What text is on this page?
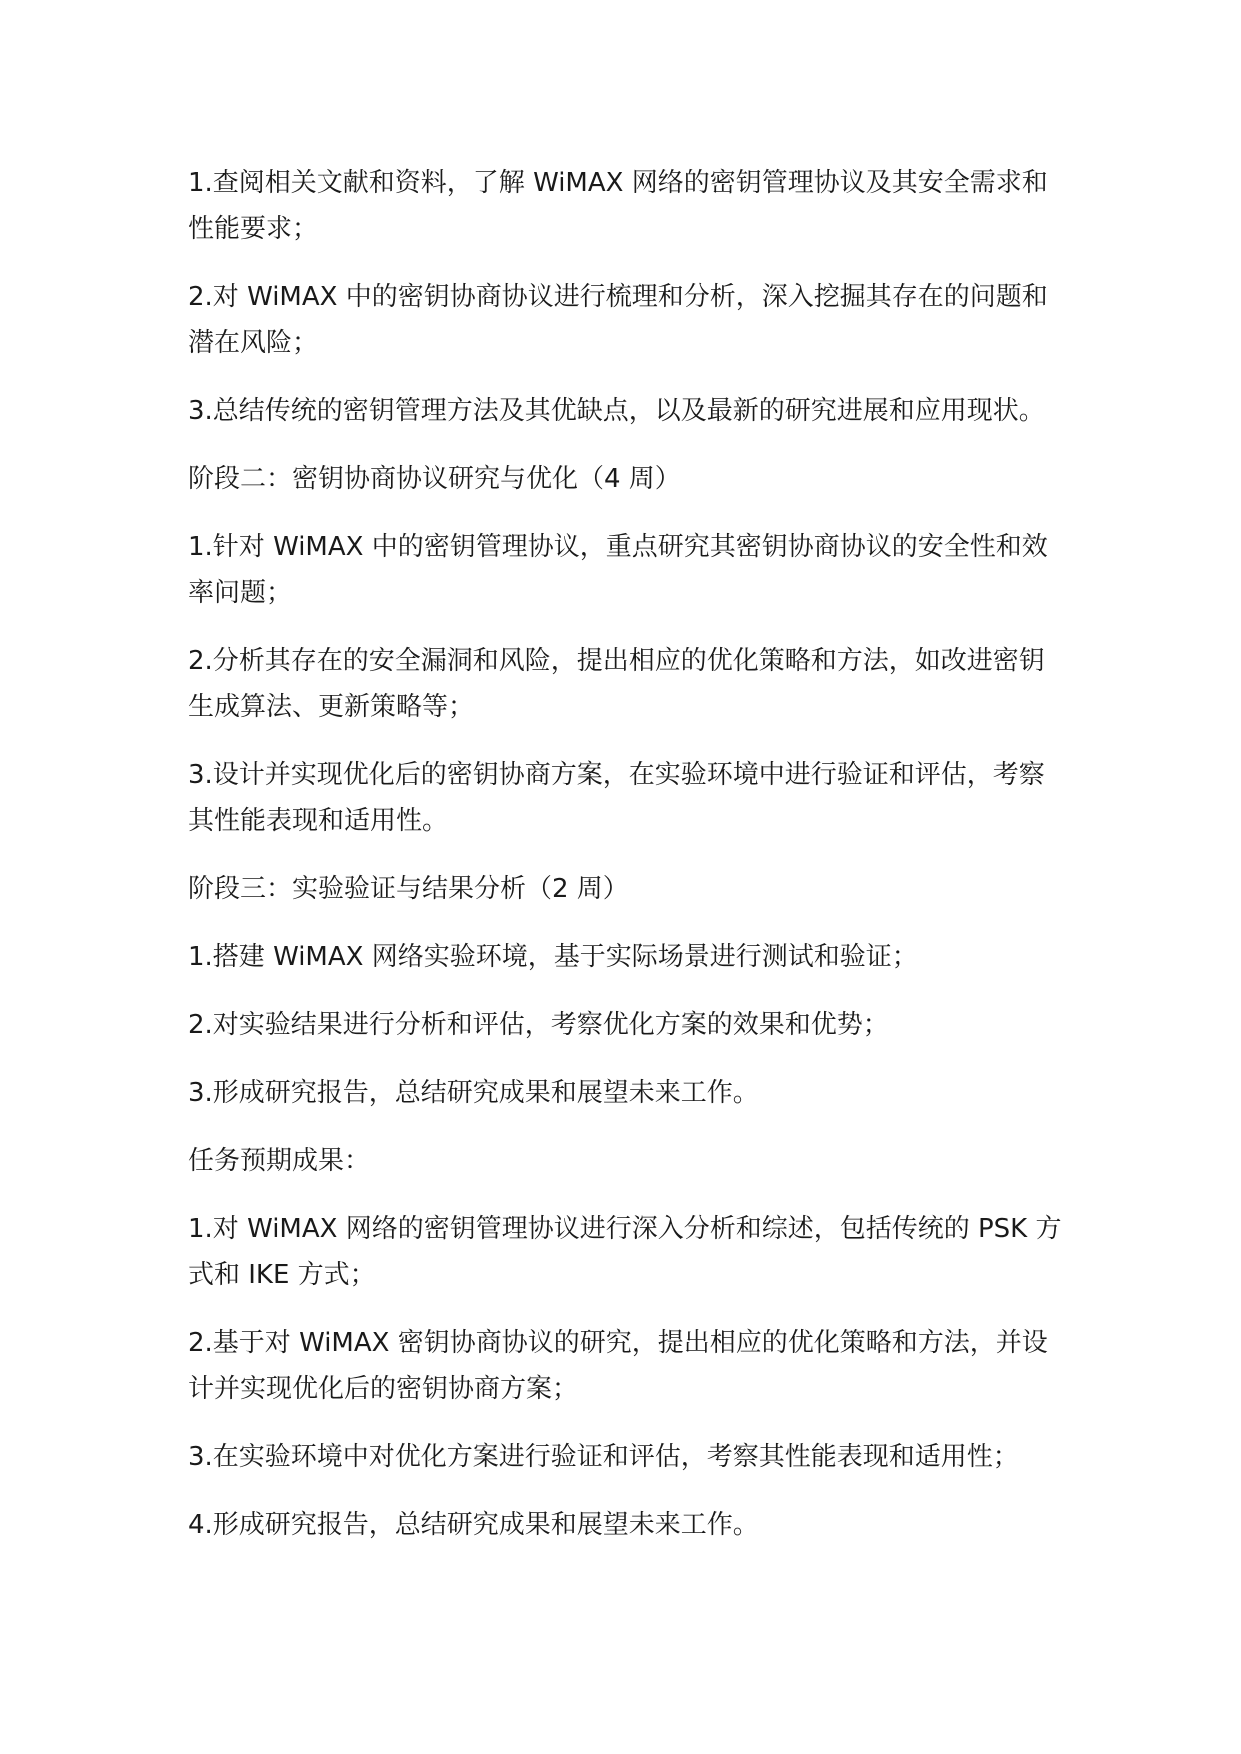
1.查阅相关文献和资料，了解 WiMAX 网络的密钥管理协议及其安全需求和性能要求；

2.对 WiMAX 中的密钥协商协议进行梳理和分析，深入挖掘其存在的问题和潜在风险；

3.总结传统的密钥管理方法及其优缺点，以及最新的研究进展和应用现状。

阶段二：密钥协商协议研究与优化（4 周）

1.针对 WiMAX 中的密钥管理协议，重点研究其密钥协商协议的安全性和效率问题；

2.分析其存在的安全漏洞和风险，提出相应的优化策略和方法，如改进密钥生成算法、更新策略等；

3.设计并实现优化后的密钥协商方案，在实验环境中进行验证和评估，考察其性能表现和适用性。

阶段三：实验验证与结果分析（2 周）

1.搭建 WiMAX 网络实验环境，基于实际场景进行测试和验证；

2.对实验结果进行分析和评估，考察优化方案的效果和优势；

3.形成研究报告，总结研究成果和展望未来工作。

任务预期成果：

1.对 WiMAX 网络的密钥管理协议进行深入分析和综述，包括传统的 PSK 方式和 IKE 方式；

2.基于对 WiMAX 密钥协商协议的研究，提出相应的优化策略和方法，并设计并实现优化后的密钥协商方案；

3.在实验环境中对优化方案进行验证和评估，考察其性能表现和适用性；

4.形成研究报告，总结研究成果和展望未来工作。
